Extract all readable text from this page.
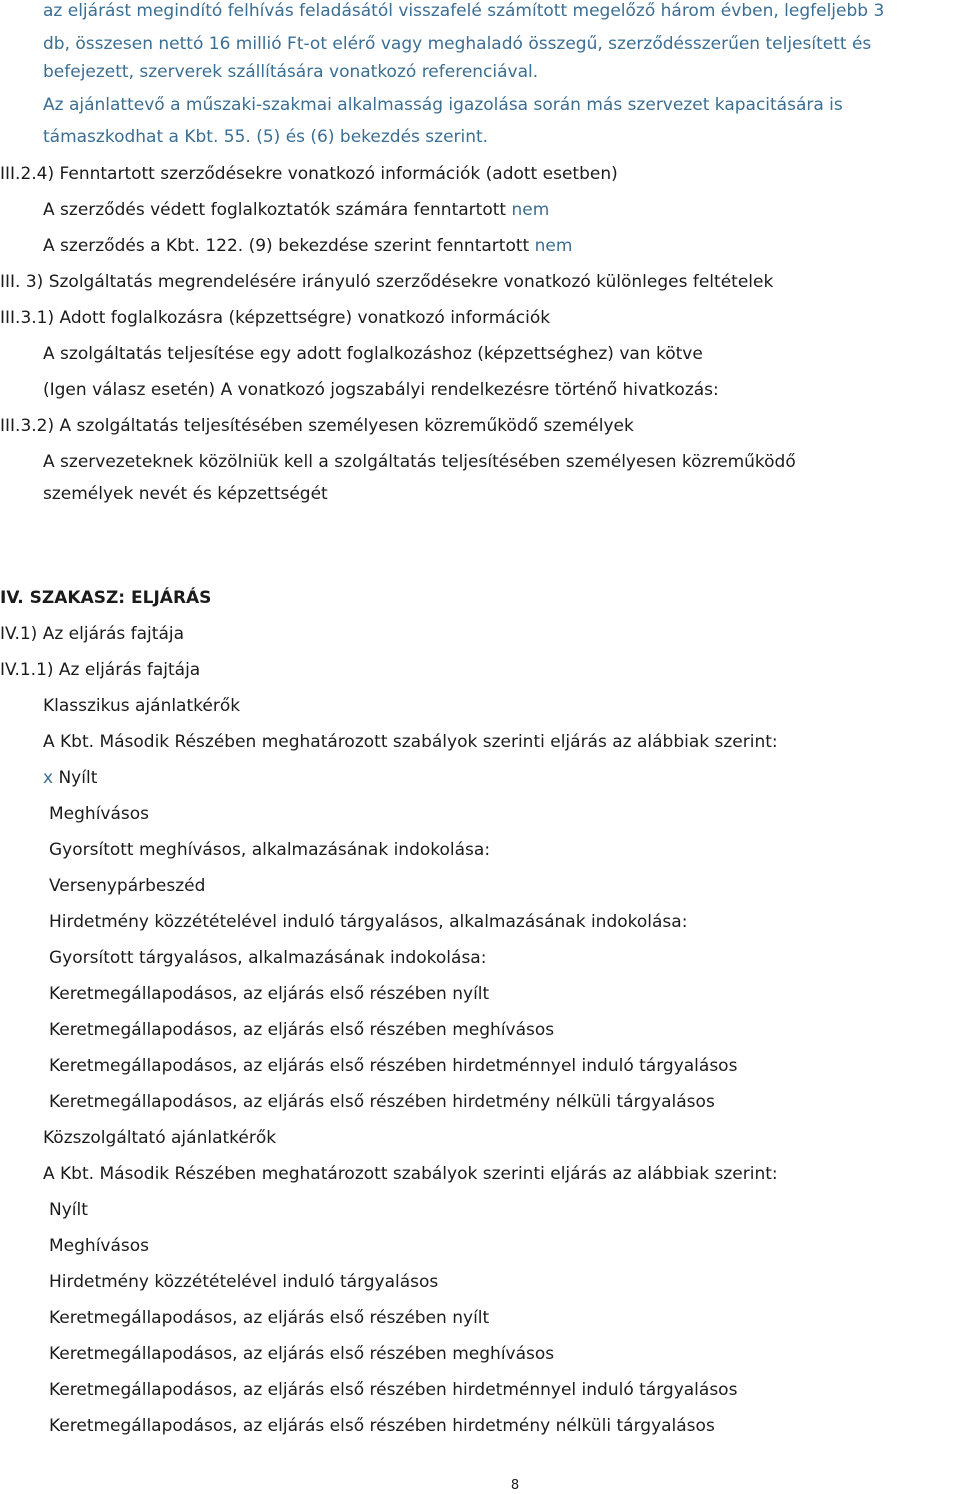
az eljárást megindító felhívás feladásától visszafelé számított megelőző három évben, legfeljebb 3
db, összesen nettó 16 millió Ft-ot elérő vagy meghaladó összegű, szerződésszerűen teljesített és
befejezett, szerverek szállítására vonatkozó referenciával.
Az ajánlattevő a műszaki-szakmai alkalmasság igazolása során más szervezet kapacitására is
támaszkodhat a Kbt. 55. (5) és (6) bekezdés szerint.
III.2.4) Fenntartott szerződésekre vonatkozó információk (adott esetben)
A szerződés védett foglalkoztatók számára fenntartott nem
A szerződés a Kbt. 122. (9) bekezdése szerint fenntartott nem
III. 3) Szolgáltatás megrendelésére irányuló szerződésekre vonatkozó különleges feltételek
III.3.1) Adott foglalkozásra (képzettségre) vonatkozó információk
A szolgáltatás teljesítése egy adott foglalkozáshoz (képzettséghez) van kötve
(Igen válasz esetén) A vonatkozó jogszabályi rendelkezésre történő hivatkozás:
III.3.2) A szolgáltatás teljesítésében személyesen közreműködő személyek
A szervezeteknek közölniük kell a szolgáltatás teljesítésében személyesen közreműködő
személyek nevét és képzettségét
IV. SZAKASZ: ELJÁRÁS
IV.1) Az eljárás fajtája
IV.1.1) Az eljárás fajtája
Klasszikus ajánlatkérők
A Kbt. Második Részében meghatározott szabályok szerinti eljárás az alábbiak szerint:
x Nyílt
Meghívásos
Gyorsított meghívásos, alkalmazásának indokolása:
Versenypárbeszéd
Hirdetmény közzétételével induló tárgyalásos, alkalmazásának indokolása:
Gyorsított tárgyalásos, alkalmazásának indokolása:
Keretmegállapodásos, az eljárás első részében nyílt
Keretmegállapodásos, az eljárás első részében meghívásos
Keretmegállapodásos, az eljárás első részében hirdetménnyel induló tárgyalásos
Keretmegállapodásos, az eljárás első részében hirdetmény nélküli tárgyalásos
Közszolgáltató ajánlatkérők
A Kbt. Második Részében meghatározott szabályok szerinti eljárás az alábbiak szerint:
Nyílt
Meghívásos
Hirdetmény közzétételével induló tárgyalásos
Keretmegállapodásos, az eljárás első részében nyílt
Keretmegállapodásos, az eljárás első részében meghívásos
Keretmegállapodásos, az eljárás első részében hirdetménnyel induló tárgyalásos
Keretmegállapodásos, az eljárás első részében hirdetmény nélküli tárgyalásos
8
